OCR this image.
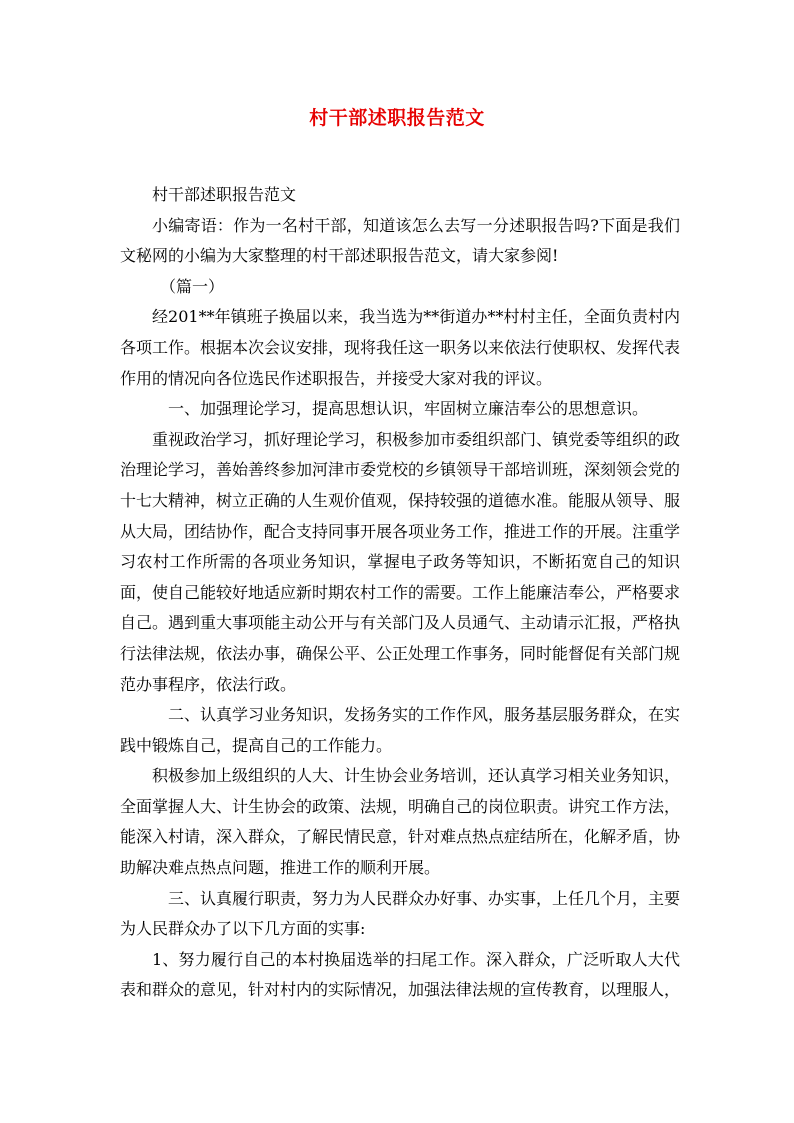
村干部述职报告范文

村干部述职报告范文

小编寄语：作为一名村干部，知道该怎么去写一分述职报告吗?下面是我们文秘网的小编为大家整理的村干部述职报告范文，请大家参阅!

（篇一）

经201**年镇班子换届以来，我当选为**街道办**村村主任，全面负责村内各项工作。根据本次会议安排，现将我任这一职务以来依法行使职权、发挥代表作用的情况向各位选民作述职报告，并接受大家对我的评议。

一、加强理论学习，提高思想认识，牢固树立廉洁奉公的思想意识。

重视政治学习，抓好理论学习，积极参加市委组织部门、镇党委等组织的政治理论学习，善始善终参加河津市委党校的乡镇领导干部培训班，深刻领会党的十七大精神，树立正确的人生观价值观，保持较强的道德水准。能服从领导、服从大局，团结协作，配合支持同事开展各项业务工作，推进工作的开展。注重学习农村工作所需的各项业务知识，掌握电子政务等知识，不断拓宽自己的知识面，使自己能较好地适应新时期农村工作的需要。工作上能廉洁奉公，严格要求自己。遇到重大事项能主动公开与有关部门及人员通气、主动请示汇报，严格执行法律法规，依法办事，确保公平、公正处理工作事务，同时能督促有关部门规范办事程序，依法行政。

二、认真学习业务知识，发扬务实的工作作风，服务基层服务群众，在实践中锻炼自己，提高自己的工作能力。

积极参加上级组织的人大、计生协会业务培训，还认真学习相关业务知识，全面掌握人大、计生协会的政策、法规，明确自己的岗位职责。讲究工作方法，能深入村请，深入群众，了解民情民意，针对难点热点症结所在，化解矛盾，协助解决难点热点问题，推进工作的顺利开展。

三、认真履行职责，努力为人民群众办好事、办实事，上任几个月，主要为人民群众办了以下几方面的实事:

1、努力履行自己的本村换届选举的扫尾工作。深入群众，广泛听取人大代表和群众的意见，针对村内的实际情况，加强法律法规的宣传教育，以理服人，
